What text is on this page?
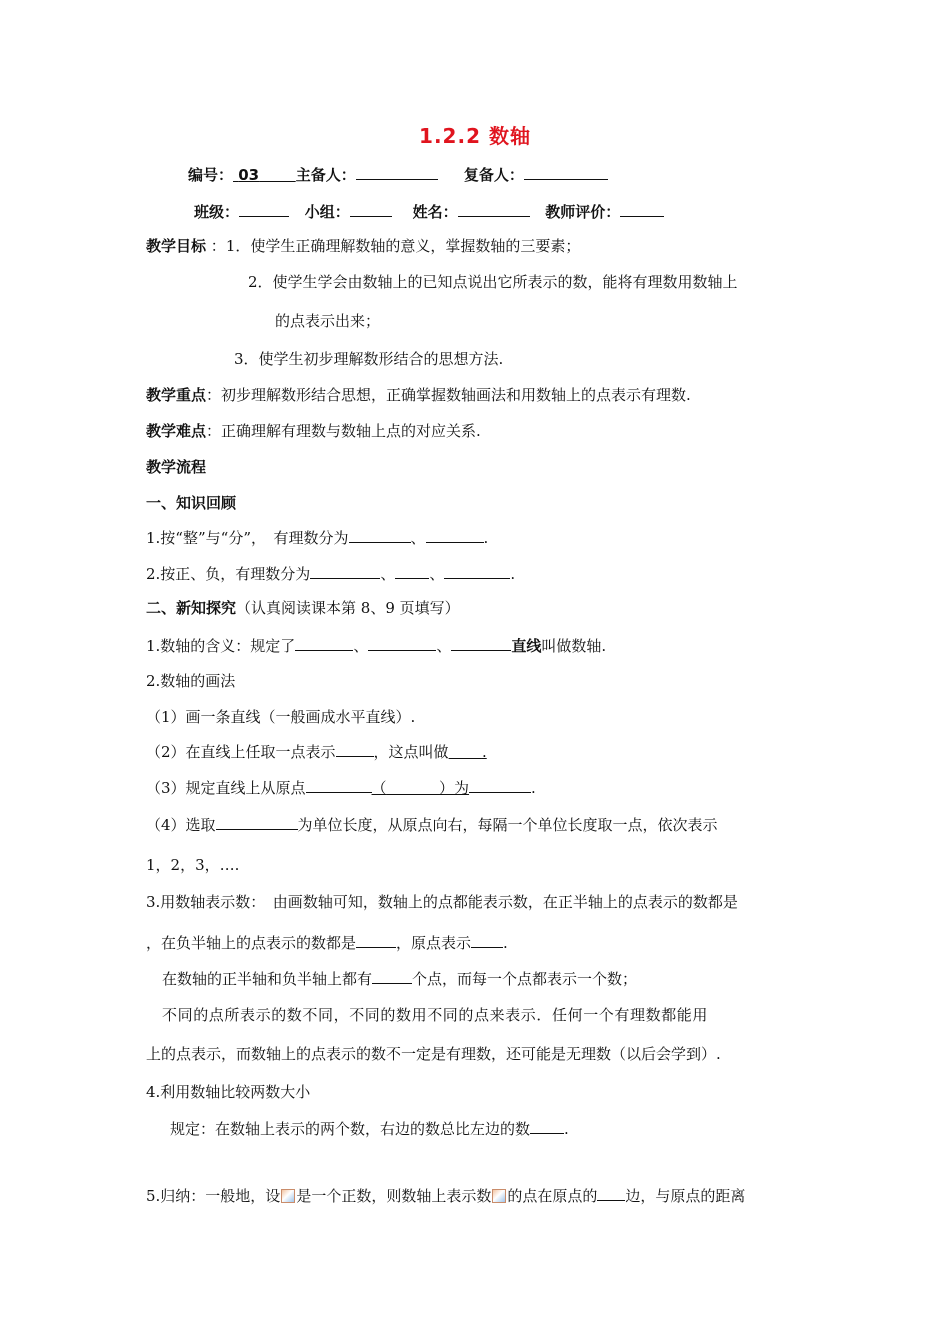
1.2.2 数轴
编号： 03 主备人：	复备人：
班级：	小组：	姓名：	教师评价：
教学目标 ：1．使学生正确理解数轴的意义，掌握数轴的三要素；
2．使学生学会由数轴上的已知点说出它所表示的数，能将有理数用数轴上
的点表示出来；
3．使学生初步理解数形结合的思想方法.
教学重点：初步理解数形结合思想，正确掌握数轴画法和用数轴上的点表示有理数.
教学难点：正确理解有理数与数轴上点的对应关系.
教学流程
一、知识回顾
1.按“整”与“分”，　有理数分为	、	.
2.按正、负，有理数分为	、 、	.
二、新知探究（认真阅读课本第 8、9 页填写）
1.数轴的含义：规定了	、	、	直线叫做数轴.
2.数轴的画法
（1）画一条直线（一般画成水平直线）.
（2）在直线上任取一点表示	，这点叫做 .
（3）规定直线上从原点	（	）为	.
（4）选取	为单位长度，从原点向右，每隔一个单位长度取一点，依次表示
1，2，3，….
3.用数轴表示数：　由画数轴可知，数轴上的点都能表示数，在正半轴上的点表示的数都是
，在负半轴上的点表示的数都是	，原点表示 .
在数轴的正半轴和负半轴上都有	个点，而每一个点都表示一个数；
不同的点所表示的数不同，不同的数用不同的点来表示．任何一个有理数都能用
上的点表示，而数轴上的点表示的数不一定是有理数，还可能是无理数（以后会学到）.
4.利用数轴比较两数大小
规定：在数轴上表示的两个数，右边的数总比左边的数 .
5.归纳：一般地，设 是一个正数，则数轴上表示数 的点在原点的 边，与原点的距离
